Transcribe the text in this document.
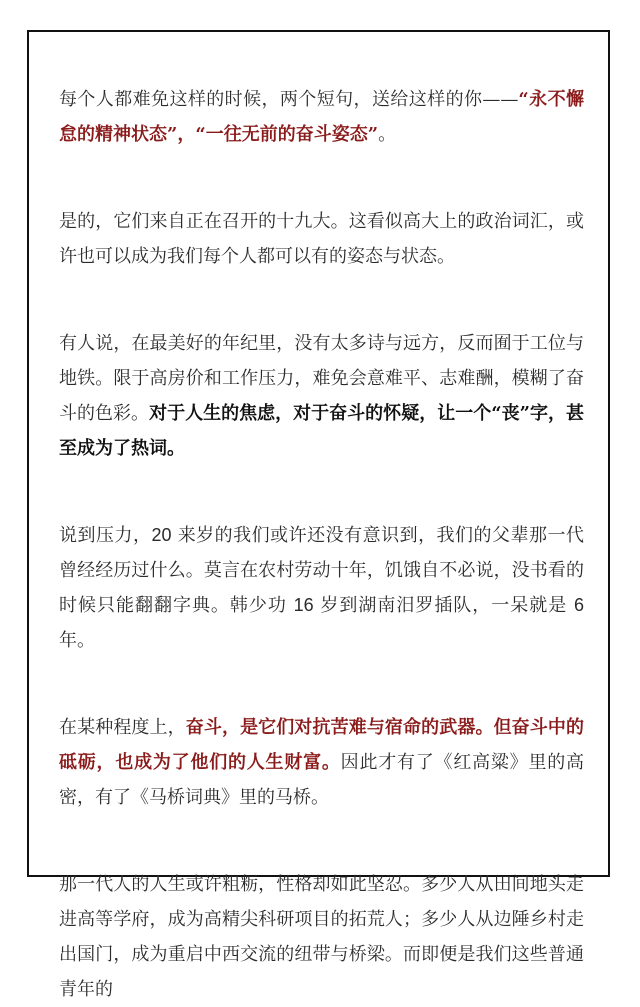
每个人都难免这样的时候，两个短句，送给这样的你——“永不懈怠的精神状态”，“一往无前的奋斗姿态”。

是的，它们来自正在召开的十九大。这看似高大上的政治词汇，或许也可以成为我们每个人都可以有的姿态与状态。

有人说，在最美好的年纪里，没有太多诗与远方，反而囿于工位与地铁。限于高房价和工作压力，难免会意难平、志难酬，模糊了奋斗的色彩。对于人生的焦虑，对于奋斗的怀疑，让一个“丧”字，甚至成为了热词。

说到压力，20 来岁的我们或许还没有意识到，我们的父辈那一代曾经经历过什么。莫言在农村劳动十年，饥饿自不必说，没书看的时候只能翻翻字典。韩少功 16 岁到湖南汨罗插队，一呆就是 6 年。

在某种程度上，奋斗，是它们对抗苦难与宿命的武器。但奋斗中的砥砺，也成为了他们的人生财富。因此才有了《红高粱》里的高密，有了《马桥词典》里的马桥。

那一代人的人生或许粗粝，性格却如此坚忍。多少人从田间地头走进高等学府，成为高精尖科研项目的拓荒人；多少人从边陲乡村走出国门，成为重启中西交流的纽带与桥梁。而即便是我们这些普通青年的
